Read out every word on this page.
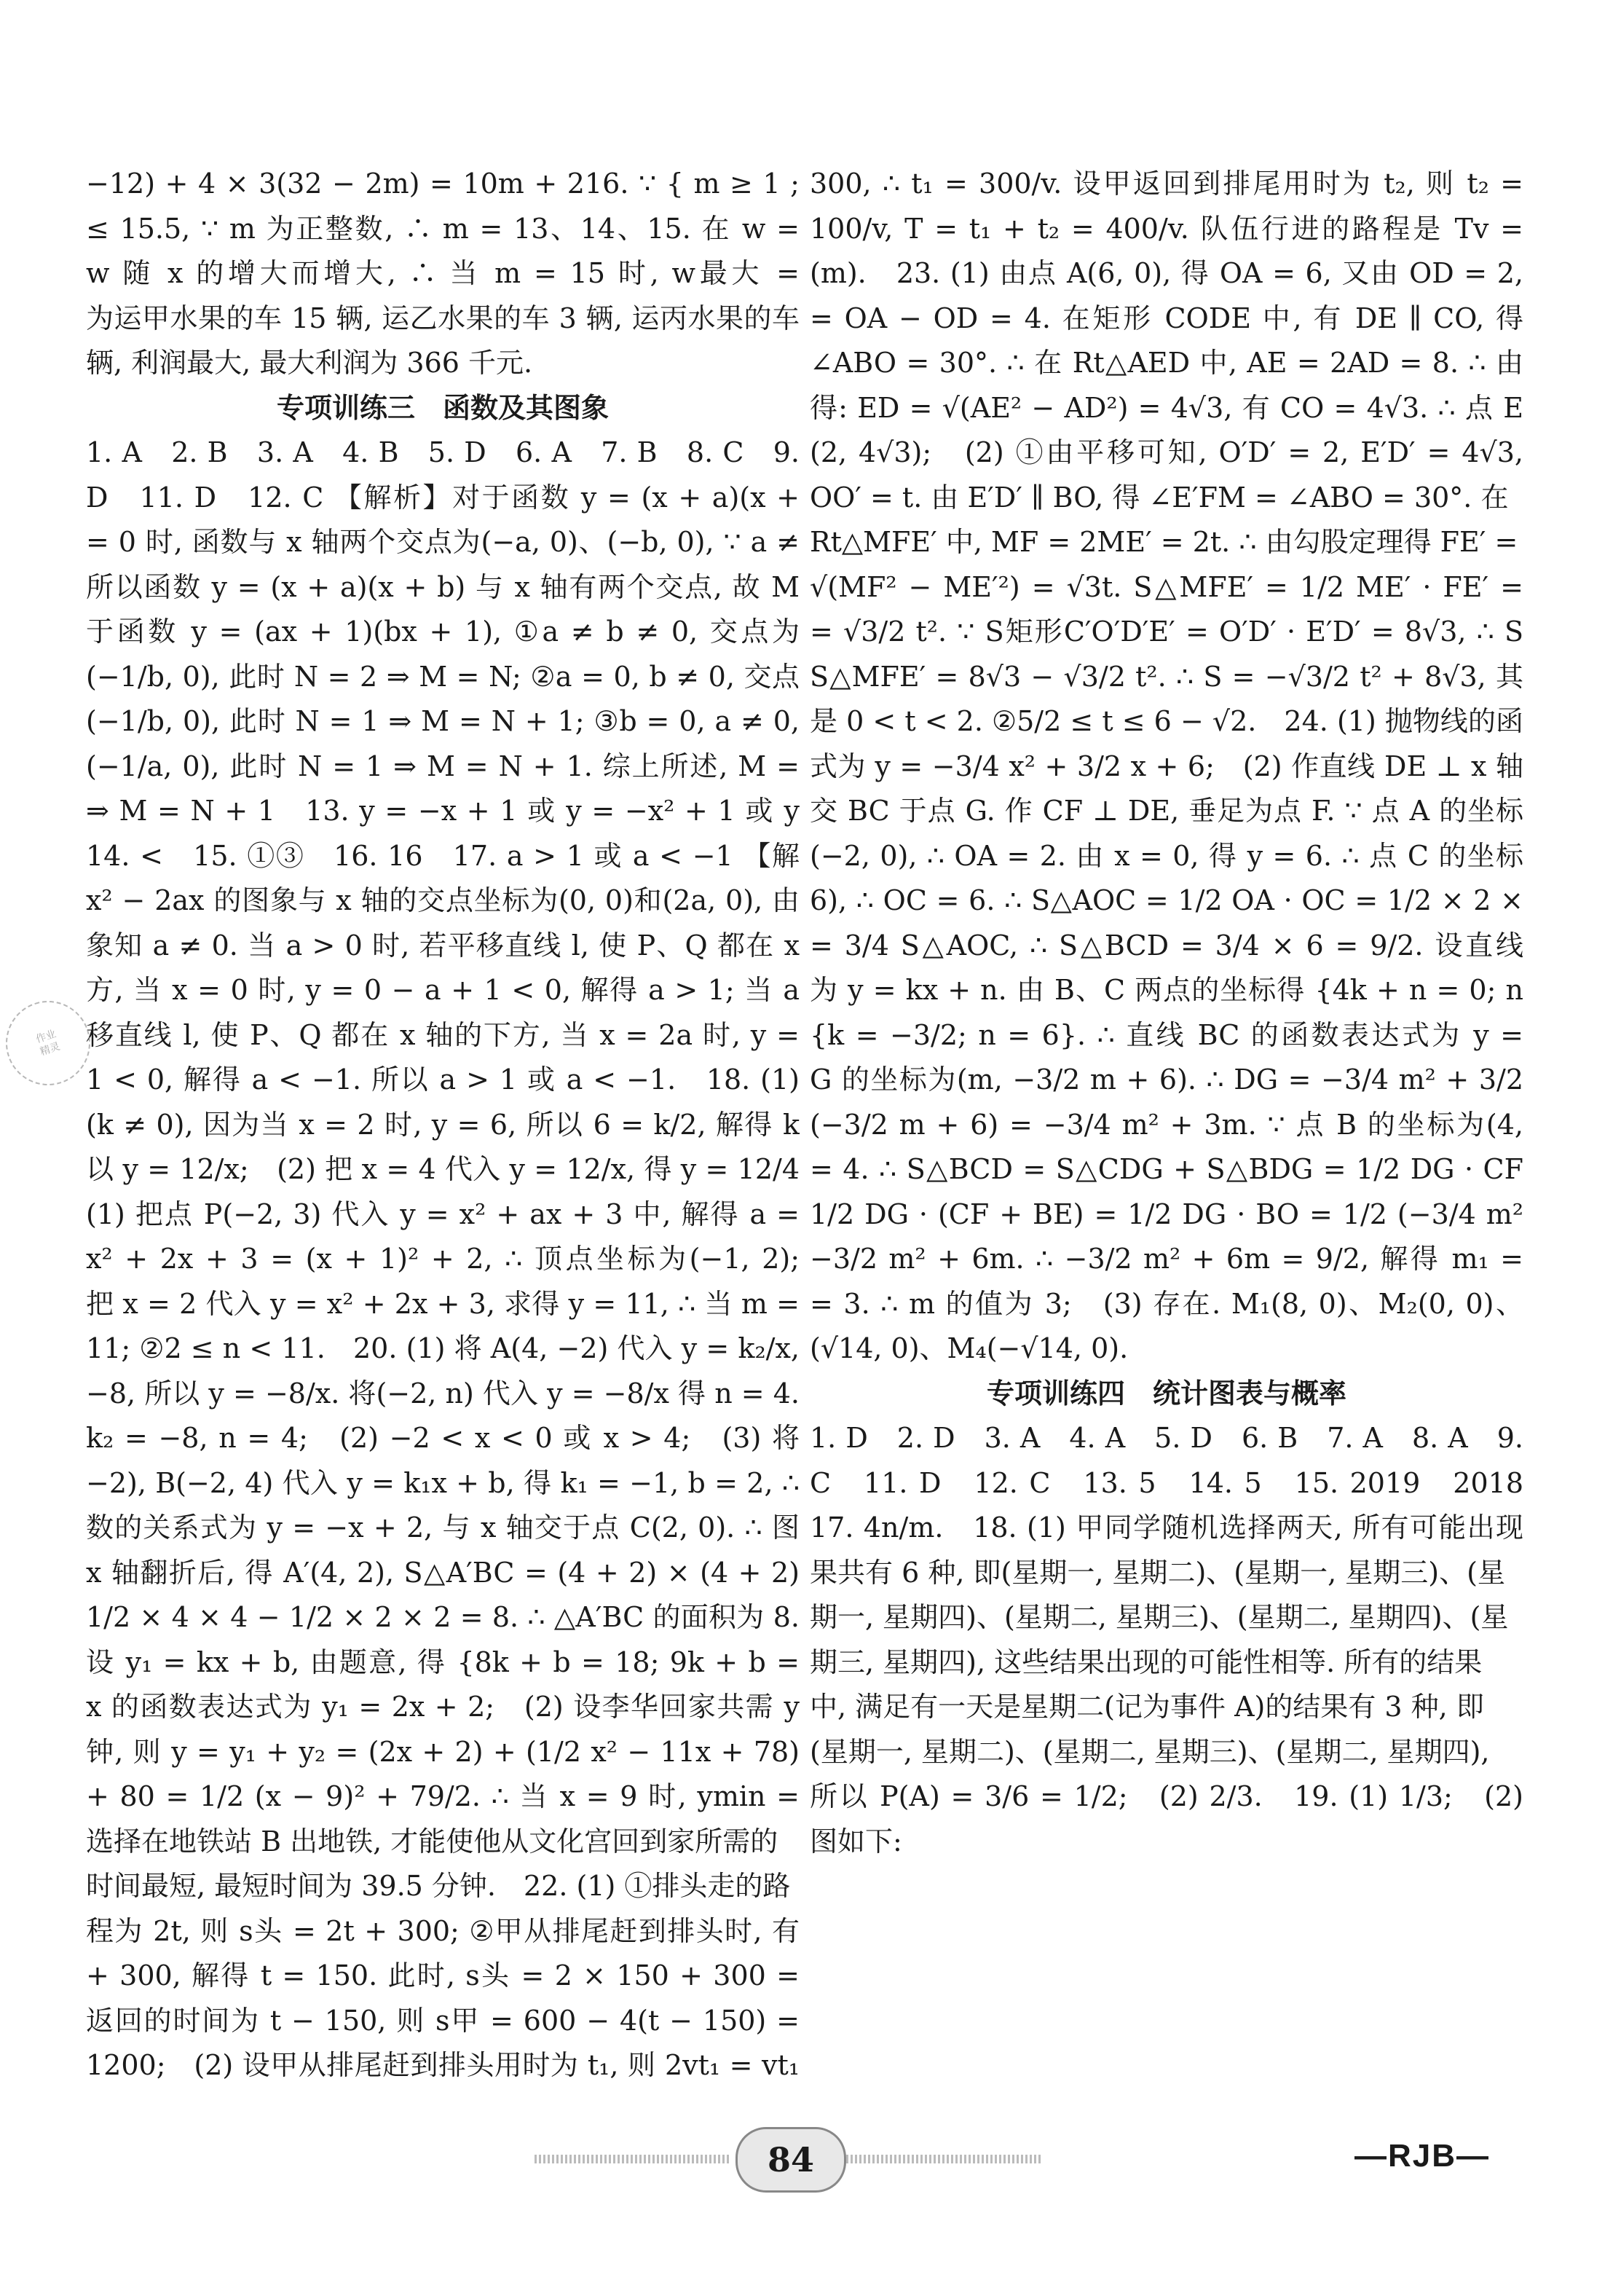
−12) + 4 × 3(32 − 2m) = 10m + 216. ∵ { m ≥ 1 ;
≤ 15.5, ∵ m 为正整数, ∴ m = 13、14、15. 在 w =
w 随 x 的增大而增大, ∴ 当 m = 15 时, w最大 =
为运甲水果的车 15 辆, 运乙水果的车 3 辆, 运丙水果的车
辆, 利润最大, 最大利润为 366 千元.
专项训练三　函数及其图象
1. A　2. B　3. A　4. B　5. D　6. A　7. B　8. C　9. 　
D　11. D　12. C 【解析】对于函数 y = (x + a)(x +
= 0 时, 函数与 x 轴两个交点为(−a, 0)、(−b, 0), ∵ a ≠
所以函数 y = (x + a)(x + b) 与 x 轴有两个交点, 故 M
于函数 y = (ax + 1)(bx + 1), ①a ≠ b ≠ 0, 交点为
(−1/b, 0), 此时 N = 2 ⇒ M = N; ②a = 0, b ≠ 0, 交点
(−1/b, 0), 此时 N = 1 ⇒ M = N + 1; ③b = 0, a ≠ 0,
(−1/a, 0), 此时 N = 1 ⇒ M = N + 1. 综上所述, M =
⇒ M = N + 1　13. y = −x + 1 或 y = −x² + 1 或 y
14. <　15. ①③　16. 16　17. a > 1 或 a < −1 【解
x² − 2ax 的图象与 x 轴的交点坐标为(0, 0)和(2a, 0), 由
象知 a ≠ 0. 当 a > 0 时, 若平移直线 l, 使 P、Q 都在 x
方, 当 x = 0 时, y = 0 − a + 1 < 0, 解得 a > 1; 当 a
移直线 l, 使 P、Q 都在 x 轴的下方, 当 x = 2a 时, y =
1 < 0, 解得 a < −1. 所以 a > 1 或 a < −1.　18. (1)
(k ≠ 0), 因为当 x = 2 时, y = 6, 所以 6 = k/2, 解得 k
以 y = 12/x;　(2) 把 x = 4 代入 y = 12/x, 得 y = 12/4 　
(1) 把点 P(−2, 3) 代入 y = x² + ax + 3 中, 解得 a =
x² + 2x + 3 = (x + 1)² + 2, ∴ 顶点坐标为(−1, 2);　
把 x = 2 代入 y = x² + 2x + 3, 求得 y = 11, ∴ 当 m =
11; ②2 ≤ n < 11.　20. (1) 将 A(4, −2) 代入 y = k₂/x,
−8, 所以 y = −8/x. 将(−2, n) 代入 y = −8/x 得 n = 4.
k₂ = −8, n = 4;　(2) −2 < x < 0 或 x > 4;　(3) 将
−2), B(−2, 4) 代入 y = k₁x + b, 得 k₁ = −1, b = 2, ∴
数的关系式为 y = −x + 2, 与 x 轴交于点 C(2, 0). ∴ 图
x 轴翻折后, 得 A′(4, 2), S△A′BC = (4 + 2) × (4 + 2)
1/2 × 4 × 4 − 1/2 × 2 × 2 = 8. ∴ △A′BC 的面积为 8.　
设 y₁ = kx + b, 由题意, 得 {8k + b = 18; 9k + b =
x 的函数表达式为 y₁ = 2x + 2;　(2) 设李华回家共需 y
钟, 则 y = y₁ + y₂ = (2x + 2) + (1/2 x² − 11x + 78)
+ 80 = 1/2 (x − 9)² + 79/2. ∴ 当 x = 9 时, ymin =
选择在地铁站 B 出地铁, 才能使他从文化宫回到家所需的
时间最短, 最短时间为 39.5 分钟.　22. (1) ①排头走的路
程为 2t, 则 s头 = 2t + 300; ②甲从排尾赶到排头时, 有
+ 300, 解得 t = 150. 此时, s头 = 2 × 150 + 300 =
返回的时间为 t − 150, 则 s甲 = 600 − 4(t − 150) =
1200;　(2) 设甲从排尾赶到排头用时为 t₁, 则 2vt₁ = vt₁
300, ∴ t₁ = 300/v. 设甲返回到排尾用时为 t₂, 则 t₂ =
100/v, T = t₁ + t₂ = 400/v. 队伍行进的路程是 Tv =
(m).　23. (1) 由点 A(6, 0), 得 OA = 6, 又由 OD = 2,
= OA − OD = 4. 在矩形 CODE 中, 有 DE ∥ CO, 得
∠ABO = 30°. ∴ 在 Rt△AED 中, AE = 2AD = 8. ∴ 由
得: ED = √(AE² − AD²) = 4√3, 有 CO = 4√3. ∴ 点 E
(2, 4√3);　(2) ①由平移可知, O′D′ = 2, E′D′ = 4√3,
OO′ = t. 由 E′D′ ∥ BO, 得 ∠E′FM = ∠ABO = 30°. 在
Rt△MFE′ 中, MF = 2ME′ = 2t. ∴ 由勾股定理得 FE′ =
√(MF² − ME′²) = √3t. S△MFE′ = 1/2 ME′ · FE′ =
= √3/2 t². ∵ S矩形C′O′D′E′ = O′D′ · E′D′ = 8√3, ∴ S
S△MFE′ = 8√3 − √3/2 t². ∴ S = −√3/2 t² + 8√3, 其
是 0 < t < 2. ②5/2 ≤ t ≤ 6 − √2.　24. (1) 抛物线的函
式为 y = −3/4 x² + 3/2 x + 6;　(2) 作直线 DE ⊥ x 轴
交 BC 于点 G. 作 CF ⊥ DE, 垂足为点 F. ∵ 点 A 的坐标
(−2, 0), ∴ OA = 2. 由 x = 0, 得 y = 6. ∴ 点 C 的坐标
6), ∴ OC = 6. ∴ S△AOC = 1/2 OA · OC = 1/2 × 2 ×
= 3/4 S△AOC, ∴ S△BCD = 3/4 × 6 = 9/2. 设直线
为 y = kx + n. 由 B、C 两点的坐标得 {4k + n = 0; n
{k = −3/2; n = 6}. ∴ 直线 BC 的函数表达式为 y =
G 的坐标为(m, −3/2 m + 6). ∴ DG = −3/4 m² + 3/2
(−3/2 m + 6) = −3/4 m² + 3m. ∵ 点 B 的坐标为(4,
= 4. ∴ S△BCD = S△CDG + S△BDG = 1/2 DG · CF
1/2 DG · (CF + BE) = 1/2 DG · BO = 1/2 (−3/4 m²
−3/2 m² + 6m. ∴ −3/2 m² + 6m = 9/2, 解得 m₁ =
= 3. ∴ m 的值为 3;　(3) 存在. M₁(8, 0)、M₂(0, 0)、
(√14, 0)、M₄(−√14, 0).
专项训练四　统计图表与概率
1. D　2. D　3. A　4. A　5. D　6. B　7. A　8. A　9. 　
C　11. D　12. C　13. 5　14. 5　15. 2019　2018　
17. 4n/m.　18. (1) 甲同学随机选择两天, 所有可能出现
果共有 6 种, 即(星期一, 星期二)、(星期一, 星期三)、(星
期一, 星期四)、(星期二, 星期三)、(星期二, 星期四)、(星
期三, 星期四), 这些结果出现的可能性相等. 所有的结果
中, 满足有一天是星期二(记为事件 A)的结果有 3 种, 即
(星期一, 星期二)、(星期二, 星期三)、(星期二, 星期四),
所以 P(A) = 3/6 = 1/2;　(2) 2/3.　19. (1) 1/3;　(2)
图如下:
作业
精灵
84	—RJB—
